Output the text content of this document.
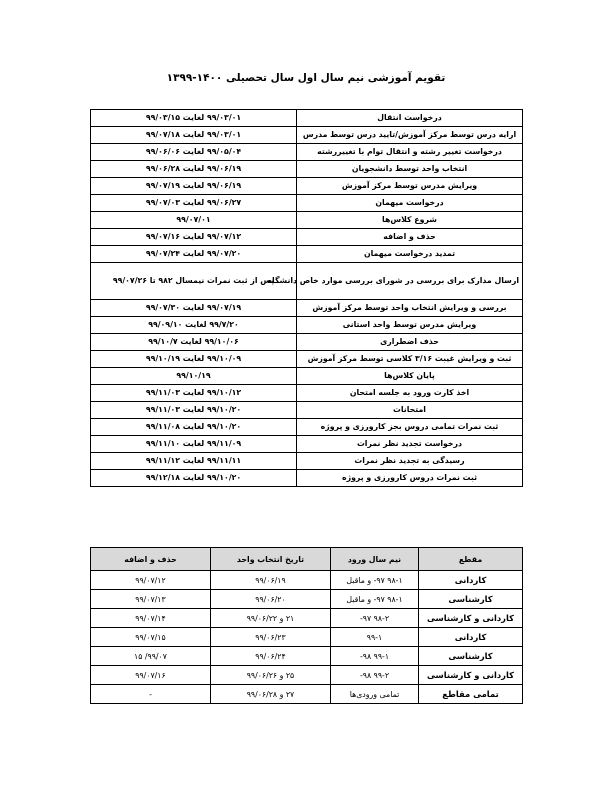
تقویم آموزشی نیم سال اول سال تحصیلی ۱۴۰۰-۱۳۹۹
درخواست انتقال	۹۹/۰۳/۰۱ لغایت ۹۹/۰۳/۱۵
ارایه درس توسط مرکز آموزش/تایید درس توسط مدرس	۹۹/۰۳/۰۱ لغایت ۹۹/۰۷/۱۸
درخواست تغییر رشته و انتقال توام با تغییررشته	۹۹/۰۵/۰۴ لغایت ۹۹/۰۶/۰۶
انتخاب واحد توسط دانشجویان	۹۹/۰۶/۱۹ لغایت ۹۹/۰۶/۲۸
ویرایش مدرس توسط مرکز آموزش	۹۹/۰۶/۱۹ لغایت ۹۹/۰۷/۱۹
درخواست میهمان	۹۹/۰۶/۲۷ لغایت ۹۹/۰۷/۰۳
شروع کلاس‌ها	۹۹/۰۷/۰۱
حذف و اضافه	۹۹/۰۷/۱۲ لغایت ۹۹/۰۷/۱۶
تمدید درخواست میهمان	۹۹/۰۷/۲۰ لغایت ۹۹/۰۷/۲۴
ارسال مدارک برای بررسی در شورای بررسی موارد خاص دانشگاه	پس از ثبت نمرات نیمسال ۹۸۲ تا ۹۹/۰۷/۲۶
بررسی و ویرایش انتخاب واحد توسط مرکز آموزش	۹۹/۰۷/۱۹ لغایت ۹۹/۰۷/۳۰
ویرایش مدرس توسط واحد استانی	۹۹/۷/۲۰ لغایت ۹۹/۰۹/۱۰
حذف اضطراری	۹۹/۱۰/۰۶ لغایت ۹۹/۱۰/۷
ثبت و ویرایش غیبت ۳/۱۶ کلاسی توسط مرکز آموزش	۹۹/۱۰/۰۹ لغایت ۹۹/۱۰/۱۹
پایان کلاس‌ها	۹۹/۱۰/۱۹
اخذ کارت ورود به جلسه امتحان	۹۹/۱۰/۱۲ لغایت ۹۹/۱۱/۰۳
امتحانات	۹۹/۱۰/۲۰ لغایت ۹۹/۱۱/۰۳
ثبت نمرات تمامی دروس بجز کارورزی و پروژه	۹۹/۱۰/۲۰ لغایت ۹۹/۱۱/۰۸
درخواست تجدید نظر نمرات	۹۹/۱۱/۰۹ لغایت ۹۹/۱۱/۱۰
رسیدگی به تجدید نظر نمرات	۹۹/۱۱/۱۱ لغایت ۹۹/۱۱/۱۲
ثبت نمرات دروس کارورزی و پروژه	۹۹/۱۰/۲۰ لغایت ۹۹/۱۲/۱۸
مقطع	نیم سال ورود	تاریخ انتخاب واحد	حذف و اضافه
کاردانی	۹۸-۱ ۹۷- و ماقبل	۹۹/۰۶/۱۹	۹۹/۰۷/۱۲
کارشناسی	۹۸-۱ ۹۷- و ماقبل	۹۹/۰۶/۲۰	۹۹/۰۷/۱۳
کاردانی و کارشناسی	۹۸-۲ ۹۷-	۲۱ و ۹۹/۰۶/۲۲	۹۹/۰۷/۱۴
کاردانی	۹۹-۱	۹۹/۰۶/۲۳	۹۹/۰۷/۱۵
کارشناسی	۹۹-۱ ۹۸-	۹۹/۰۶/۲۴	۹۹/۰۷/ ۱۵
کاردانی و کارشناسی	۹۹-۲ ۹۸-	۲۵ و ۹۹/۰۶/۲۶	۹۹/۰۷/۱۶
تمامی مقاطع	تمامی ورودی‌ها	۲۷ و ۹۹/۰۶/۲۸	-
